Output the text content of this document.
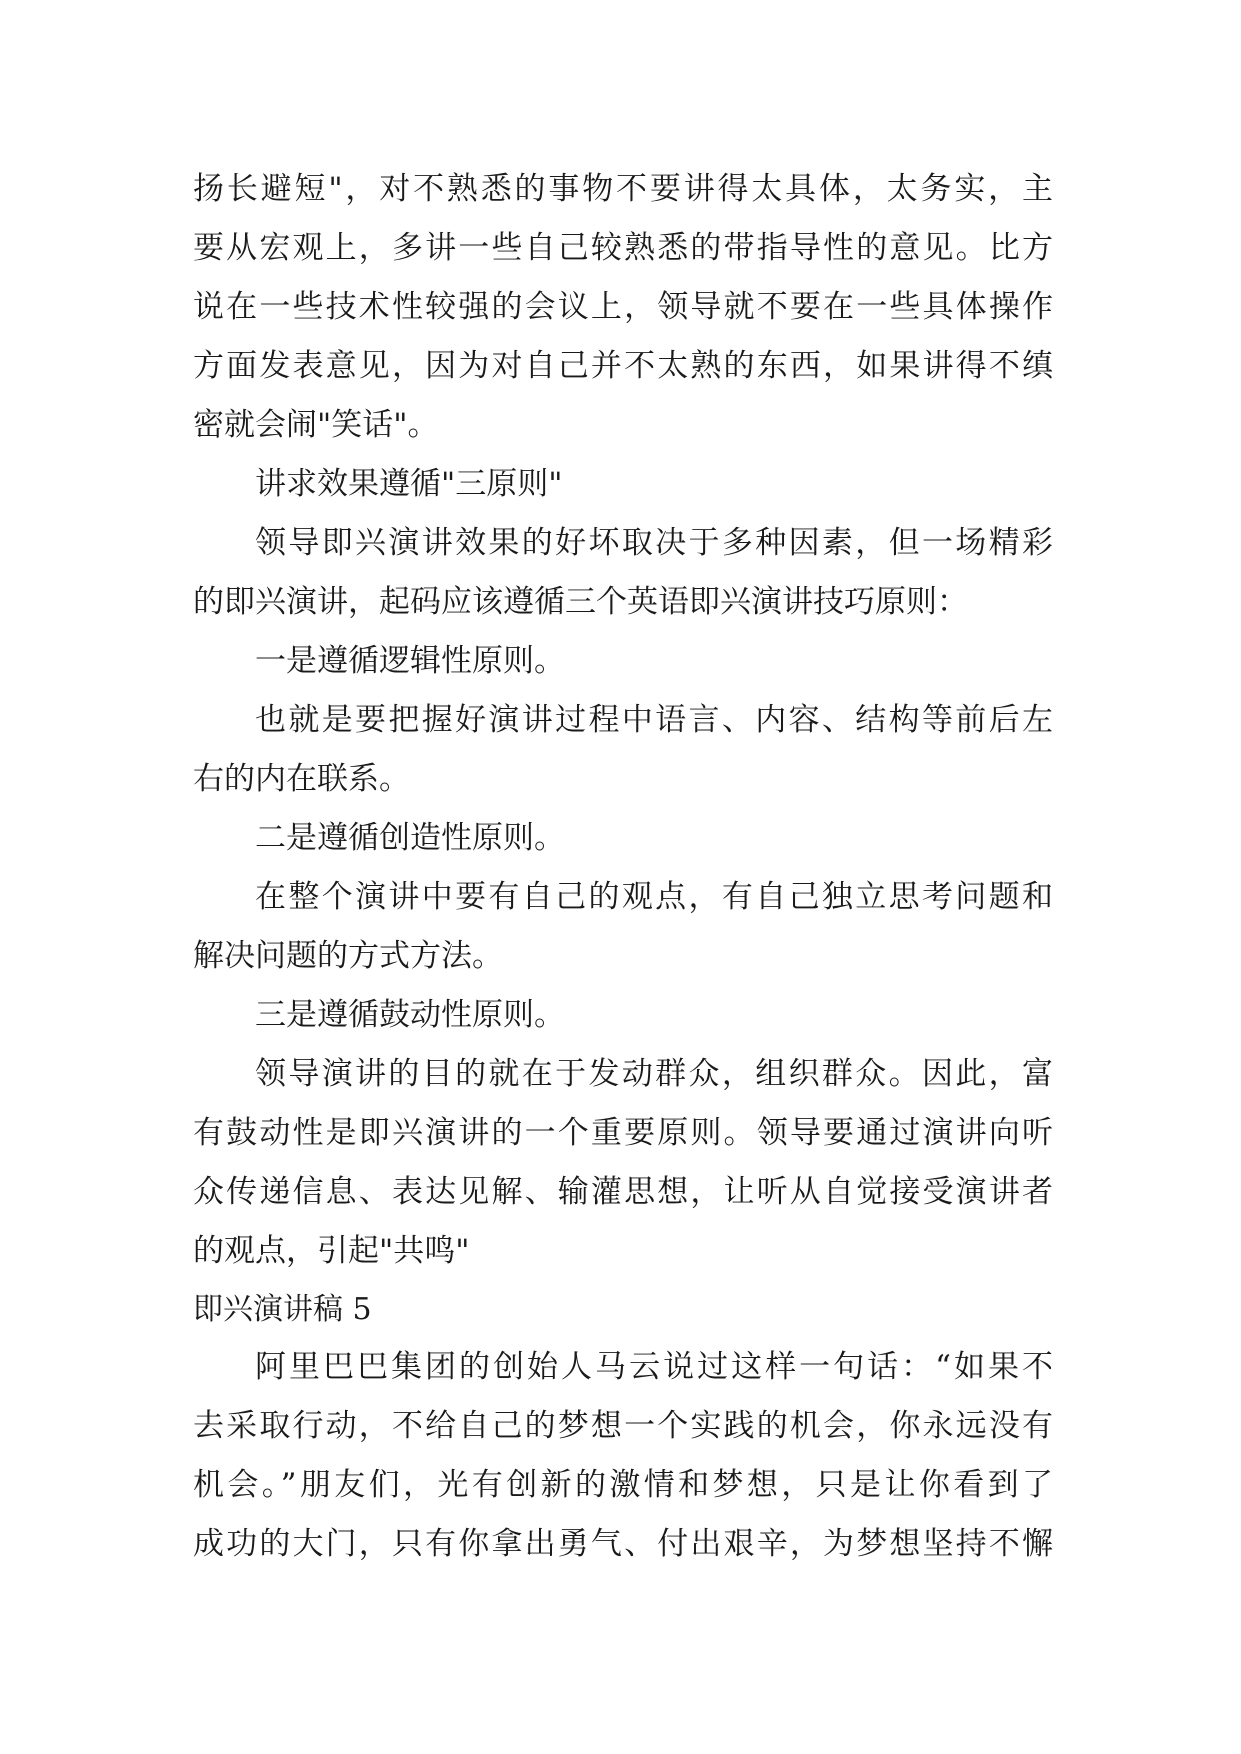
扬长避短"，对不熟悉的事物不要讲得太具体，太务实，主
要从宏观上，多讲一些自己较熟悉的带指导性的意见。比方
说在一些技术性较强的会议上，领导就不要在一些具体操作
方面发表意见，因为对自己并不太熟的东西，如果讲得不缜
密就会闹"笑话"。
讲求效果遵循"三原则"
领导即兴演讲效果的好坏取决于多种因素，但一场精彩
的即兴演讲，起码应该遵循三个英语即兴演讲技巧原则：
一是遵循逻辑性原则。
也就是要把握好演讲过程中语言、内容、结构等前后左
右的内在联系。
二是遵循创造性原则。
在整个演讲中要有自己的观点，有自己独立思考问题和
解决问题的方式方法。
三是遵循鼓动性原则。
领导演讲的目的就在于发动群众，组织群众。因此，富
有鼓动性是即兴演讲的一个重要原则。领导要通过演讲向听
众传递信息、表达见解、输灌思想，让听从自觉接受演讲者
的观点，引起"共鸣"
即兴演讲稿 5
阿里巴巴集团的创始人马云说过这样一句话：“如果不
去采取行动，不给自己的梦想一个实践的机会，你永远没有
机会。”朋友们，光有创新的激情和梦想，只是让你看到了
成功的大门，只有你拿出勇气、付出艰辛，为梦想坚持不懈
